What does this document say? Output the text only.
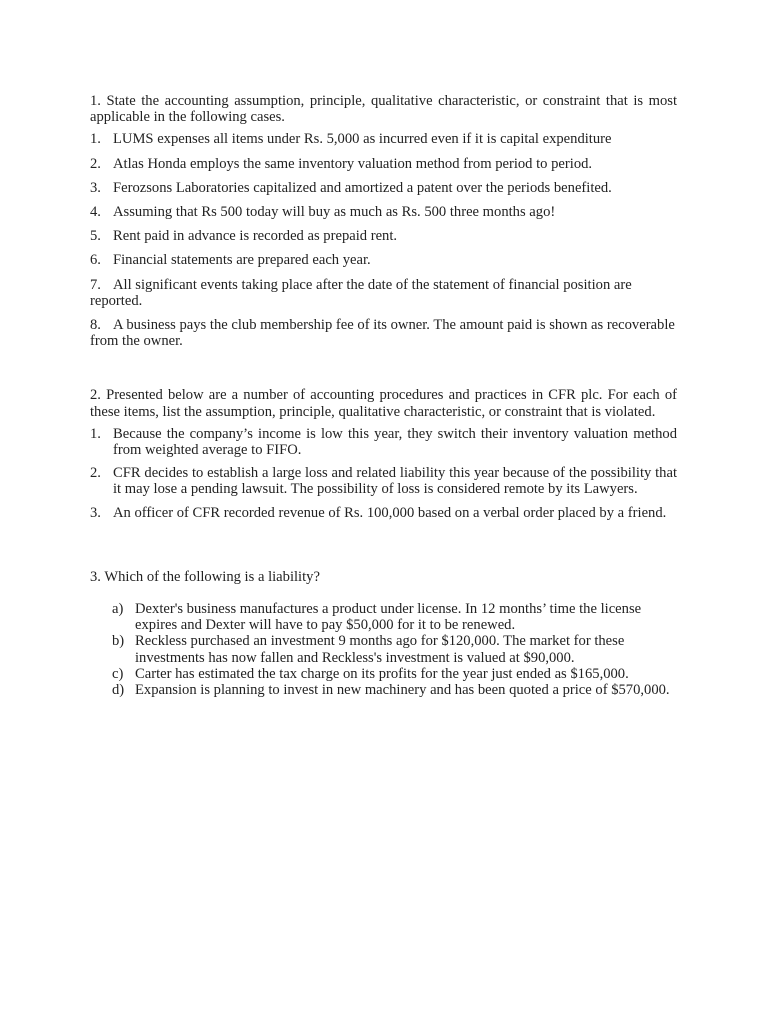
1. State the accounting assumption, principle, qualitative characteristic, or constraint that is most applicable in the following cases.

1. LUMS expenses all items under Rs. 5,000 as incurred even if it is capital expenditure
2. Atlas Honda employs the same inventory valuation method from period to period.
3. Ferozsons Laboratories capitalized and amortized a patent over the periods benefited.
4. Assuming that Rs 500 today will buy as much as Rs. 500 three months ago!
5. Rent paid in advance is recorded as prepaid rent.
6. Financial statements are prepared each year.
7. All significant events taking place after the date of the statement of financial position are reported.
8. A business pays the club membership fee of its owner. The amount paid is shown as recoverable from the owner.

2. Presented below are a number of accounting procedures and practices in CFR plc. For each of these items, list the assumption, principle, qualitative characteristic, or constraint that is violated.

1. Because the company’s income is low this year, they switch their inventory valuation method from weighted average to FIFO.
2. CFR decides to establish a large loss and related liability this year because of the possibility that it may lose a pending lawsuit. The possibility of loss is considered remote by its Lawyers.
3. An officer of CFR recorded revenue of Rs. 100,000 based on a verbal order placed by a friend.

3. Which of the following is a liability?

a) Dexter's business manufactures a product under license. In 12 months’ time the license expires and Dexter will have to pay $50,000 for it to be renewed.
b) Reckless purchased an investment 9 months ago for $120,000. The market for these investments has now fallen and Reckless's investment is valued at $90,000.
c) Carter has estimated the tax charge on its profits for the year just ended as $165,000.
d) Expansion is planning to invest in new machinery and has been quoted a price of $570,000.
